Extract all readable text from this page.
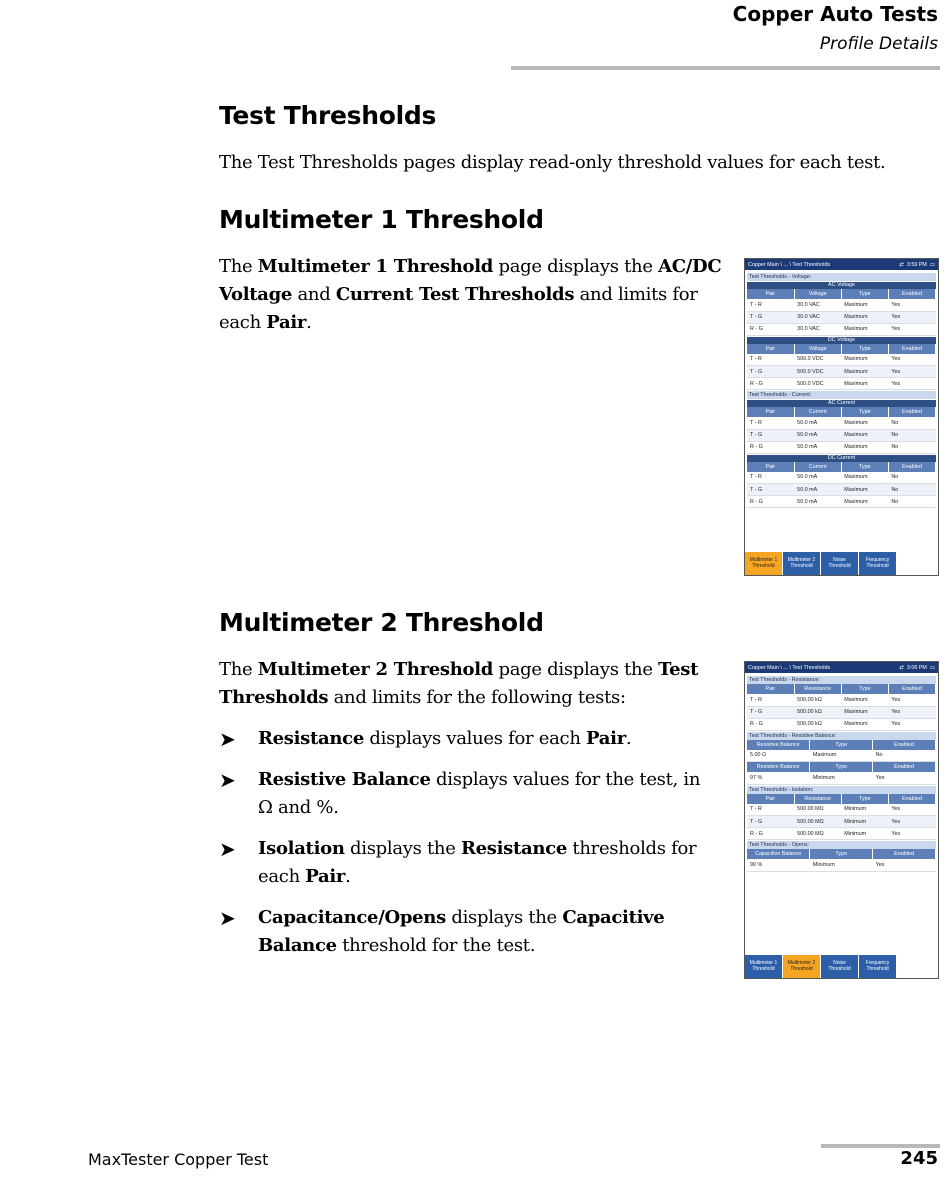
Copper Auto Tests
Profile Details
Test Thresholds
The Test Thresholds pages display read-only threshold values for each test.
Multimeter 1 Threshold
The Multimeter 1 Threshold page displays the AC/DC Voltage and Current Test Thresholds and limits for each Pair.
Copper Main \ ... \ Test Thresholds	⇄ 3:59 PM ▭
Test Thresholds - Voltage:
AC Voltage
Pair	Voltage	Type	Enabled
T - R	30.0 VAC	Maximum	Yes
T - G	30.0 VAC	Maximum	Yes
R - G	30.0 VAC	Maximum	Yes
DC Voltage
Pair	Voltage	Type	Enabled
T - R	500.0 VDC	Maximum	Yes
T - G	500.0 VDC	Maximum	Yes
R - G	500.0 VDC	Maximum	Yes
Test Thresholds - Current:
AC Current
Pair	Current	Type	Enabled
T - R	50.0 mA	Maximum	No
T - G	50.0 mA	Maximum	No
R - G	50.0 mA	Maximum	No
DC Current
Pair	Current	Type	Enabled
T - R	50.0 mA	Maximum	No
T - G	50.0 mA	Maximum	No
R - G	50.0 mA	Maximum	No
Multimeter 1
Threshold
Multimeter 2
Threshold
Noise
Threshold
Frequency
Threshold
Multimeter 2 Threshold
The Multimeter 2 Threshold page displays the Test Thresholds and limits for the following tests:
➤ Resistance displays values for each Pair.
➤ Resistive Balance displays values for the test, in Ω and %.
➤ Isolation displays the Resistance thresholds for each Pair.
➤ Capacitance/Opens displays the Capacitive Balance threshold for the test.
Copper Main \ ... \ Test Thresholds	⇄ 3:06 PM ▭
Test Thresholds - Resistance:
Pair	Resistance	Type	Enabled
T - R	500.00 kΩ	Maximum	Yes
T - G	500.00 kΩ	Maximum	Yes
R - G	500.00 kΩ	Maximum	Yes
Test Thresholds - Resistive Balance:
Resistive Balance	Type	Enabled
5.00 Ω	Maximum	No
Resistive Balance	Type	Enabled
97 %	Minimum	Yes
Test Thresholds - Isolation:
Pair	Resistance	Type	Enabled
T - R	500.00 MΩ	Minimum	Yes
T - G	500.00 MΩ	Minimum	Yes
R - G	500.00 MΩ	Minimum	Yes
Test Thresholds - Opens:
Capacitive Balance	Type	Enabled
90 %	Minimum	Yes
Multimeter 1
Threshold
Multimeter 2
Threshold
Noise
Threshold
Frequency
Threshold
MaxTester Copper Test	245
